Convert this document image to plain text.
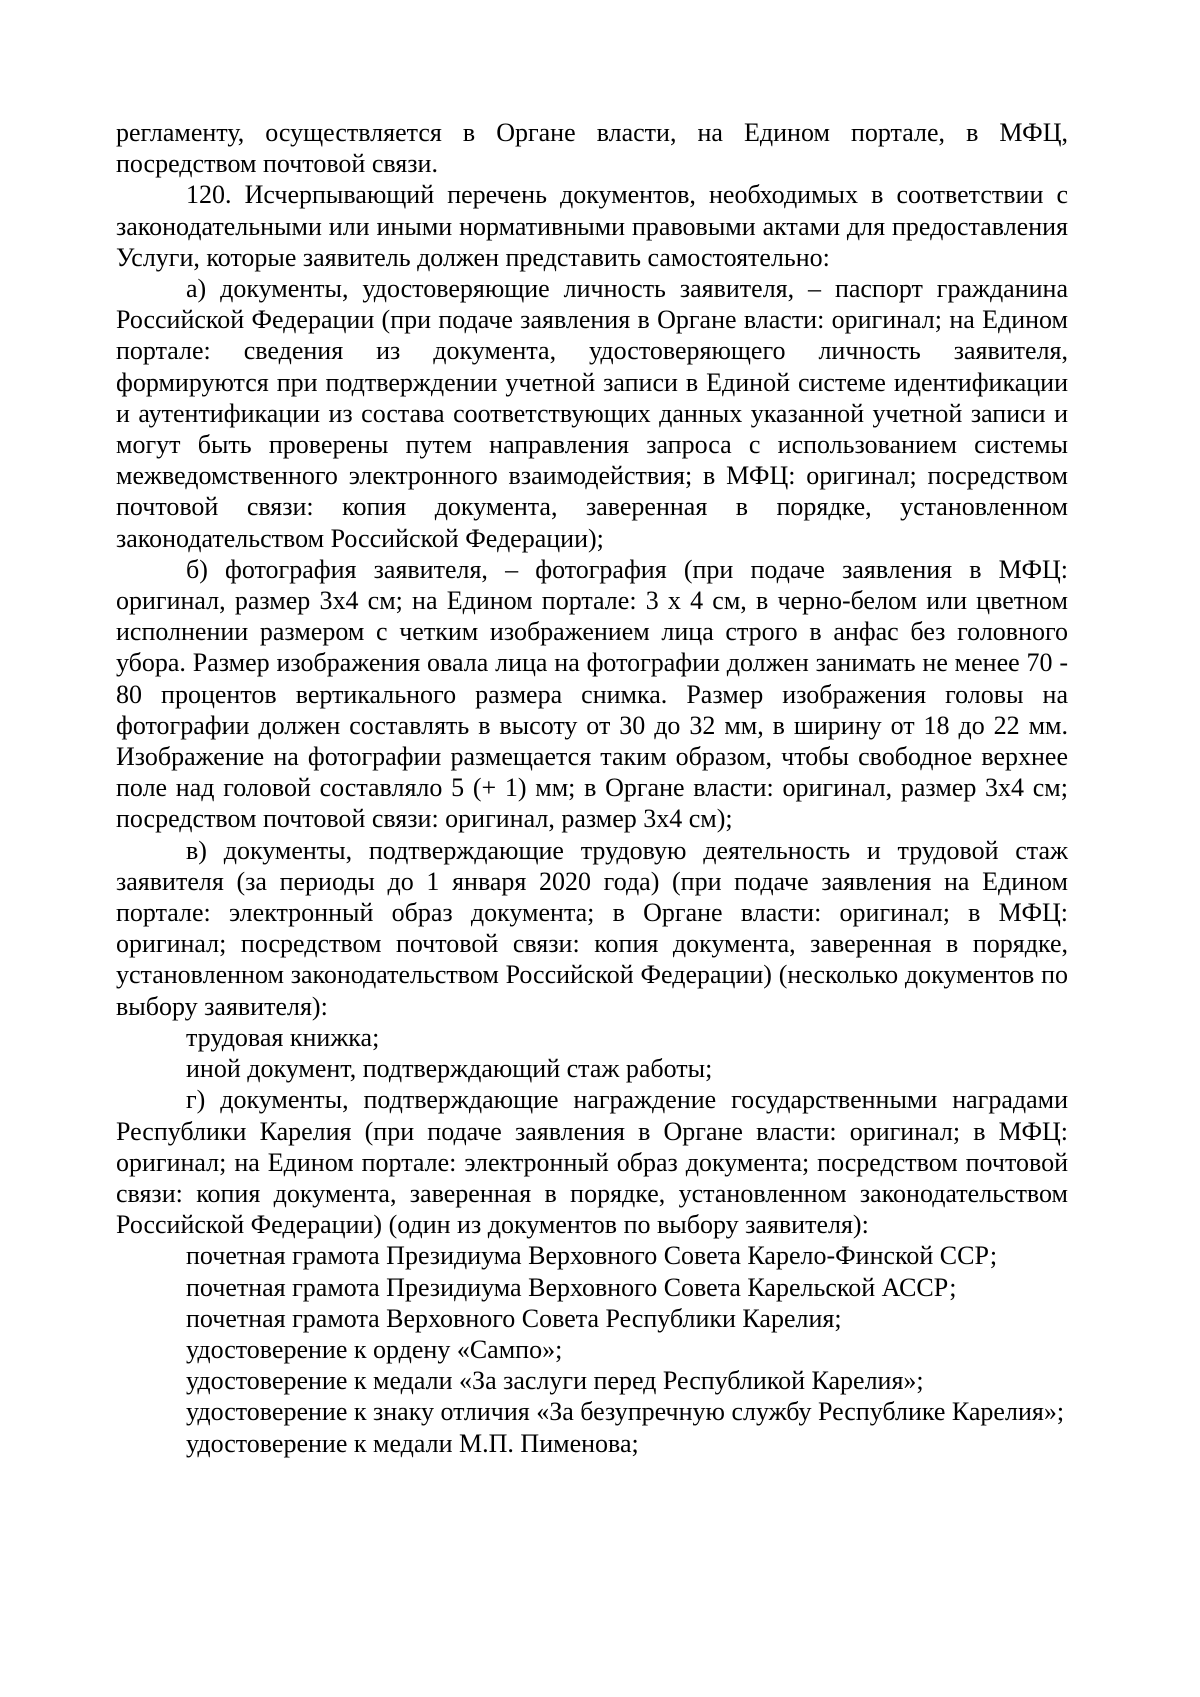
регламенту, осуществляется в Органе власти, на Едином портале, в МФЦ, посредством почтовой связи.

120. Исчерпывающий перечень документов, необходимых в соответствии с законодательными или иными нормативными правовыми актами для предоставления Услуги, которые заявитель должен представить самостоятельно:

а) документы, удостоверяющие личность заявителя, – паспорт гражданина Российской Федерации (при подаче заявления в Органе власти: оригинал; на Едином портале: сведения из документа, удостоверяющего личность заявителя, формируются при подтверждении учетной записи в Единой системе идентификации и аутентификации из состава соответствующих данных указанной учетной записи и могут быть проверены путем направления запроса с использованием системы межведомственного электронного взаимодействия; в МФЦ: оригинал; посредством почтовой связи: копия документа, заверенная в порядке, установленном законодательством Российской Федерации);

б) фотография заявителя, – фотография (при подаче заявления в МФЦ: оригинал, размер 3х4 см; на Едином портале: 3 х 4 см, в черно-белом или цветном исполнении размером с четким изображением лица строго в анфас без головного убора. Размер изображения овала лица на фотографии должен занимать не менее 70 - 80 процентов вертикального размера снимка. Размер изображения головы на фотографии должен составлять в высоту от 30 до 32 мм, в ширину от 18 до 22 мм. Изображение на фотографии размещается таким образом, чтобы свободное верхнее поле над головой составляло 5 (+ 1) мм; в Органе власти: оригинал, размер 3х4 см; посредством почтовой связи: оригинал, размер 3х4 см);

в) документы, подтверждающие трудовую деятельность и трудовой стаж заявителя (за периоды до 1 января 2020 года) (при подаче заявления на Едином портале: электронный образ документа; в Органе власти: оригинал; в МФЦ: оригинал; посредством почтовой связи: копия документа, заверенная в порядке, установленном законодательством Российской Федерации) (несколько документов по выбору заявителя):

трудовая книжка;

иной документ, подтверждающий стаж работы;

г) документы, подтверждающие награждение государственными наградами Республики Карелия (при подаче заявления в Органе власти: оригинал; в МФЦ: оригинал; на Едином портале: электронный образ документа; посредством почтовой связи: копия документа, заверенная в порядке, установленном законодательством Российской Федерации) (один из документов по выбору заявителя):

почетная грамота Президиума Верховного Совета Карело-Финской ССР;

почетная грамота Президиума Верховного Совета Карельской АССР;

почетная грамота Верховного Совета Республики Карелия;

удостоверение к ордену «Сампо»;

удостоверение к медали «За заслуги перед Республикой Карелия»;

удостоверение к знаку отличия «За безупречную службу Республике Карелия»;

удостоверение к медали М.П. Пименова;
